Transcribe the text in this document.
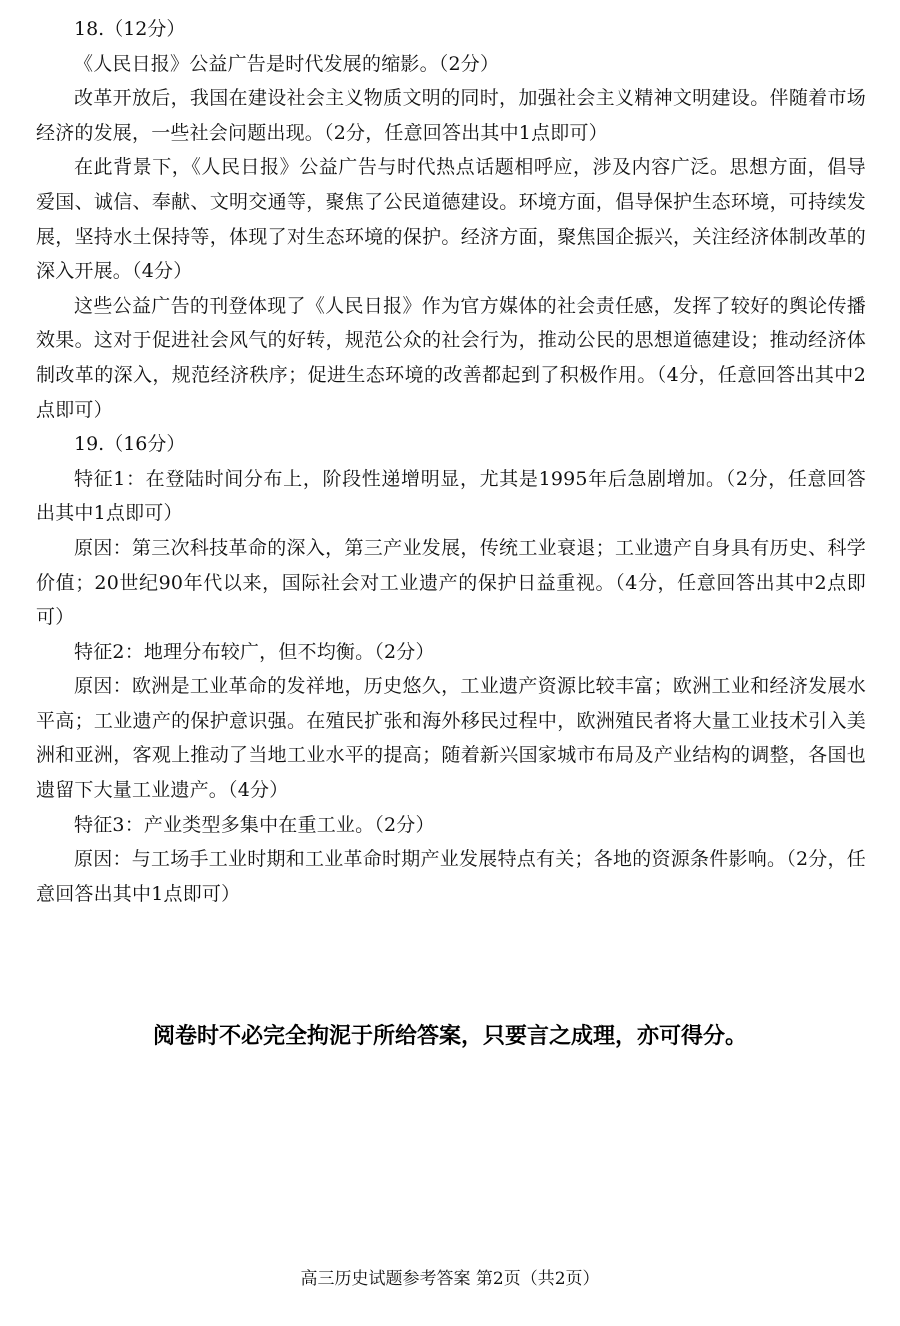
18.（12分）

《人民日报》公益广告是时代发展的缩影。（2分）

改革开放后，我国在建设社会主义物质文明的同时，加强社会主义精神文明建设。伴随着市场经济的发展，一些社会问题出现。（2分，任意回答出其中1点即可）

在此背景下，《人民日报》公益广告与时代热点话题相呼应，涉及内容广泛。思想方面，倡导爱国、诚信、奉献、文明交通等，聚焦了公民道德建设。环境方面，倡导保护生态环境，可持续发展，坚持水土保持等，体现了对生态环境的保护。经济方面，聚焦国企振兴，关注经济体制改革的深入开展。（4分）

这些公益广告的刊登体现了《人民日报》作为官方媒体的社会责任感，发挥了较好的舆论传播效果。这对于促进社会风气的好转，规范公众的社会行为，推动公民的思想道德建设；推动经济体制改革的深入，规范经济秩序；促进生态环境的改善都起到了积极作用。（4分，任意回答出其中2点即可）

19.（16分）

特征1：在登陆时间分布上，阶段性递增明显，尤其是1995年后急剧增加。（2分，任意回答出其中1点即可）

原因：第三次科技革命的深入，第三产业发展，传统工业衰退；工业遗产自身具有历史、科学价值；20世纪90年代以来，国际社会对工业遗产的保护日益重视。（4分，任意回答出其中2点即可）

特征2：地理分布较广，但不均衡。（2分）

原因：欧洲是工业革命的发祥地，历史悠久，工业遗产资源比较丰富；欧洲工业和经济发展水平高；工业遗产的保护意识强。在殖民扩张和海外移民过程中，欧洲殖民者将大量工业技术引入美洲和亚洲，客观上推动了当地工业水平的提高；随着新兴国家城市布局及产业结构的调整，各国也遗留下大量工业遗产。（4分）

特征3：产业类型多集中在重工业。（2分）

原因：与工场手工业时期和工业革命时期产业发展特点有关；各地的资源条件影响。（2分，任意回答出其中1点即可）

阅卷时不必完全拘泥于所给答案，只要言之成理，亦可得分。
高三历史试题参考答案 第2页（共2页）
